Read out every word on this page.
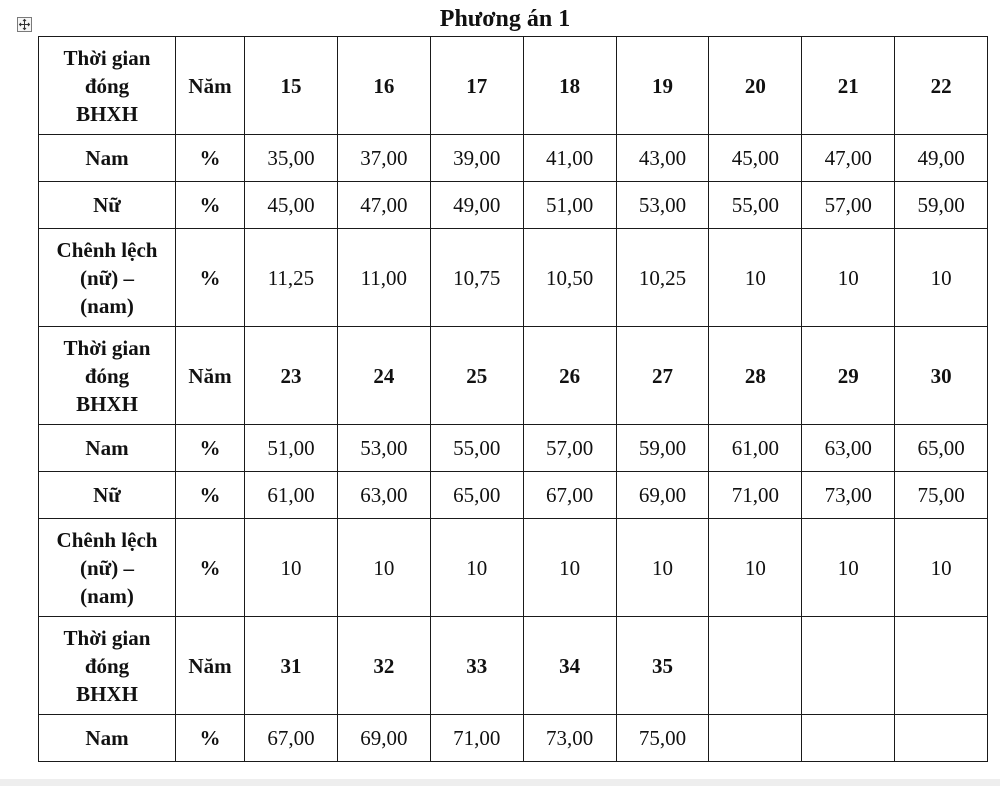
Phương án 1
Thời gian
đóng
BHXH	Năm	15	16	17	18	19	20	21	22

Nam	%	35,00	37,00	39,00	41,00	43,00	45,00	47,00	49,00

Nữ	%	45,00	47,00	49,00	51,00	53,00	55,00	57,00	59,00

Chênh lệch
(nữ) –
(nam)	%	11,25	11,00	10,75	10,50	10,25	10	10	10

Thời gian
đóng
BHXH	Năm	23	24	25	26	27	28	29	30

Nam	%	51,00	53,00	55,00	57,00	59,00	61,00	63,00	65,00

Nữ	%	61,00	63,00	65,00	67,00	69,00	71,00	73,00	75,00

Chênh lệch
(nữ) –
(nam)	%	10	10	10	10	10	10	10	10

Thời gian
đóng
BHXH	Năm	31	32	33	34	35			

Nam	%	67,00	69,00	71,00	73,00	75,00			
